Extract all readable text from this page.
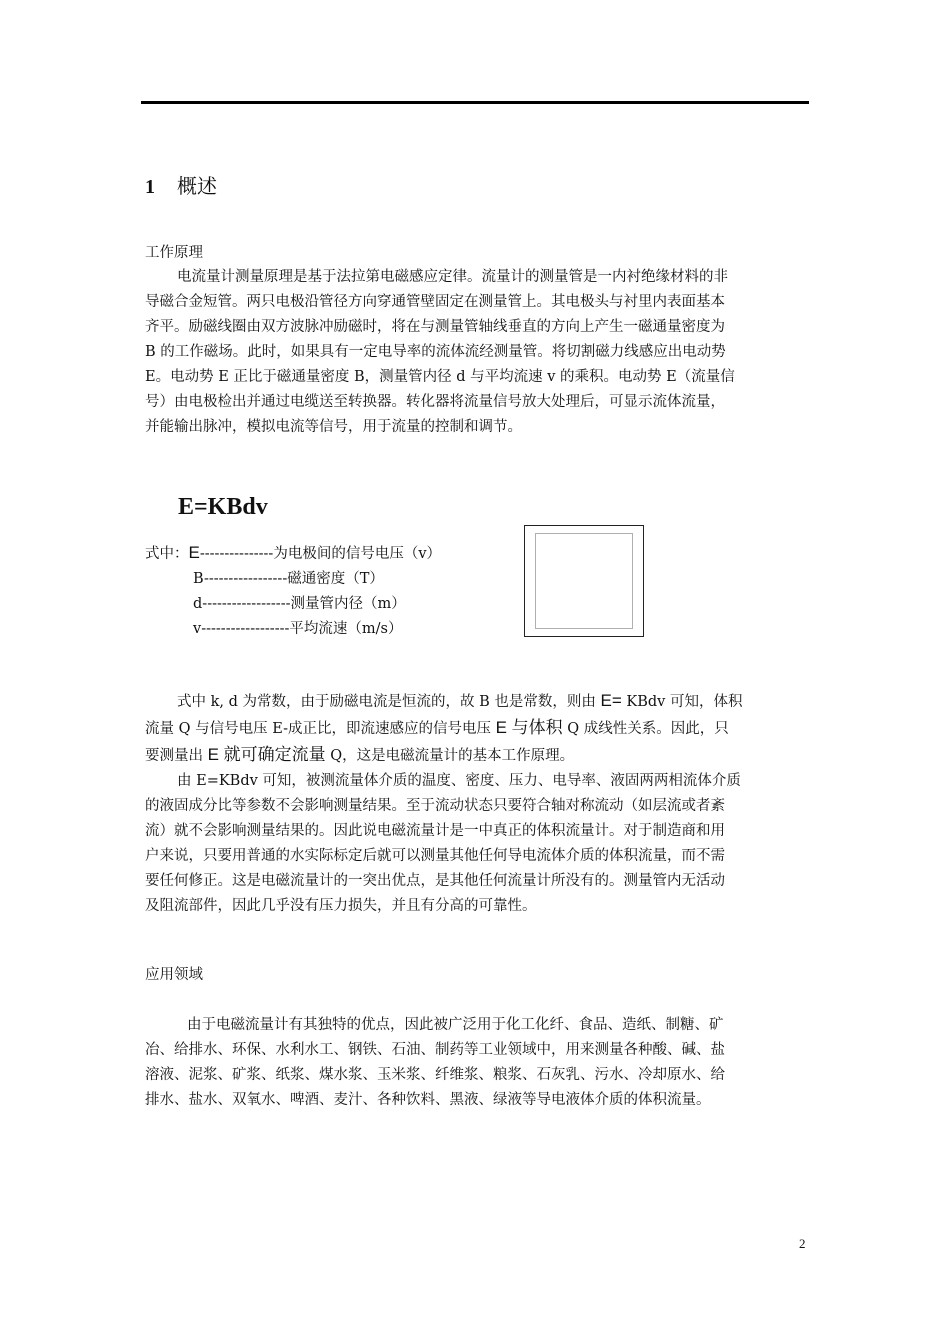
1 概述
工作原理
电流量计测量原理是基于法拉第电磁感应定律。流量计的测量管是一内衬绝缘材料的非
导磁合金短管。两只电极沿管径方向穿通管壁固定在测量管上。其电极头与衬里内表面基本
齐平。励磁线圈由双方波脉冲励磁时，将在与测量管轴线垂直的方向上产生一磁通量密度为
B 的工作磁场。此时，如果具有一定电导率的流体流经测量管。将切割磁力线感应出电动势
E。电动势 E 正比于磁通量密度 B，测量管内径 d 与平均流速 v 的乘积。电动势 E（流量信
号）由电极检出并通过电缆送至转换器。转化器将流量信号放大处理后，可显示流体流量，
并能输出脉冲，模拟电流等信号，用于流量的控制和调节。
E=KBdv
式中：E---------------为电极间的信号电压（v）
B-----------------磁通密度（T）
d------------------测量管内径（m）
v------------------平均流速（m/s）
式中 k, d 为常数，由于励磁电流是恒流的，故 B 也是常数，则由 E= KBdv 可知，体积
流量 Q 与信号电压 E-成正比，即流速感应的信号电压 E 与体积 Q 成线性关系。因此，只
要测量出 E 就可确定流量 Q，这是电磁流量计的基本工作原理。
由 E=KBdv 可知，被测流量体介质的温度、密度、压力、电导率、液固两两相流体介质
的液固成分比等参数不会影响测量结果。至于流动状态只要符合轴对称流动（如层流或者紊
流）就不会影响测量结果的。因此说电磁流量计是一中真正的体积流量计。对于制造商和用
户来说，只要用普通的水实际标定后就可以测量其他任何导电流体介质的体积流量，而不需
要任何修正。这是电磁流量计的一突出优点，是其他任何流量计所没有的。测量管内无活动
及阻流部件，因此几乎没有压力损失，并且有分高的可靠性。
应用领域
由于电磁流量计有其独特的优点，因此被广泛用于化工化纤、食品、造纸、制糖、矿
冶、给排水、环保、水利水工、钢铁、石油、制药等工业领域中，用来测量各种酸、碱、盐
溶液、泥浆、矿浆、纸浆、煤水浆、玉米浆、纤维浆、粮浆、石灰乳、污水、冷却原水、给
排水、盐水、双氧水、啤酒、麦汁、各种饮料、黑液、绿液等导电液体介质的体积流量。
2
